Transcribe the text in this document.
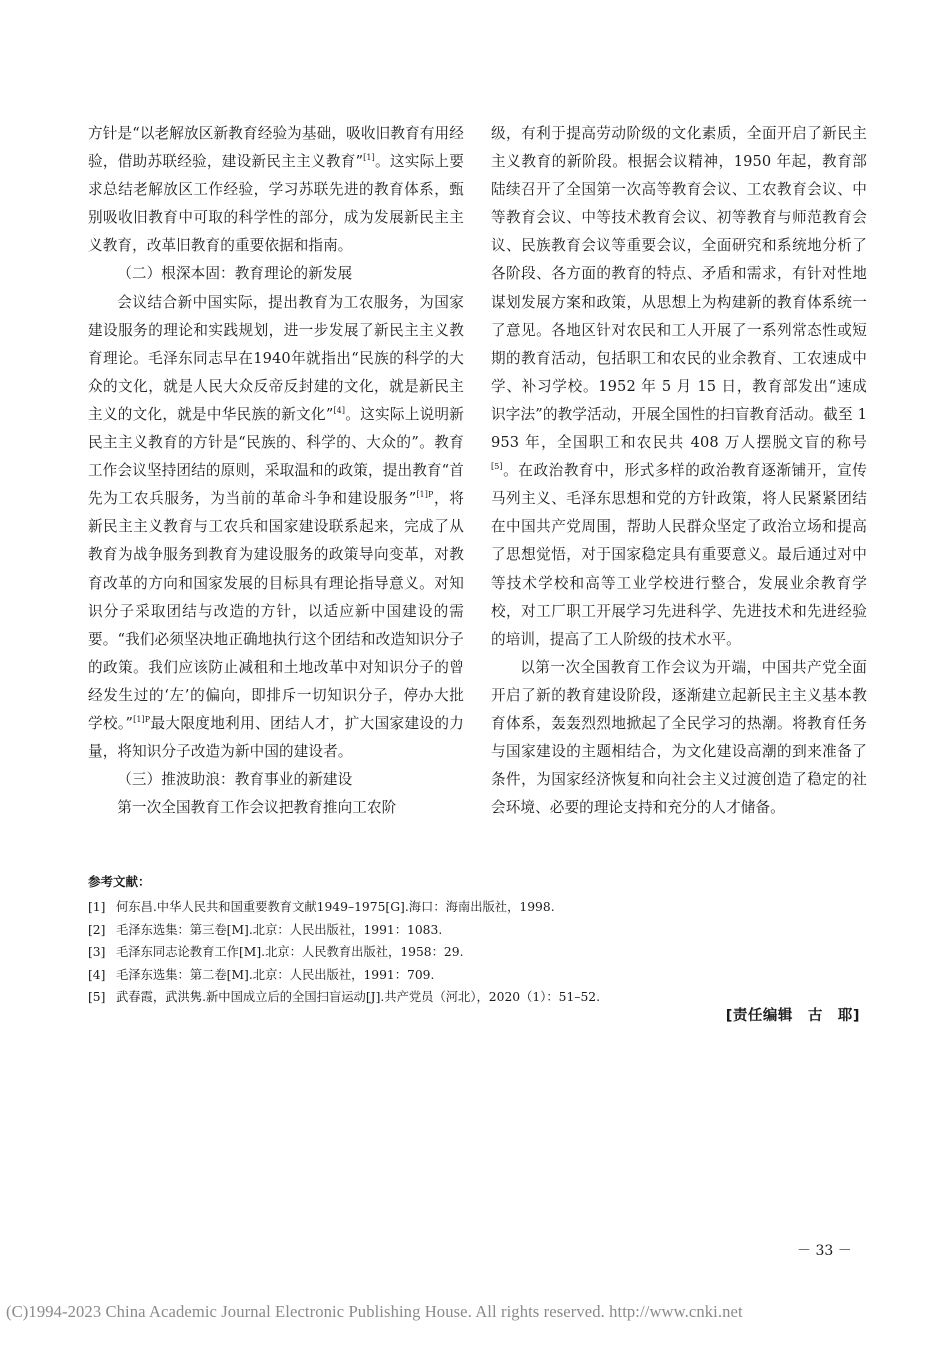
方针是“以老解放区新教育经验为基础，吸收旧教育有用经验，借助苏联经验，建设新民主主义教育”[1]。这实际上要求总结老解放区工作经验，学习苏联先进的教育体系，甄别吸收旧教育中可取的科学性的部分，成为发展新民主主义教育，改革旧教育的重要依据和指南。

（二）根深本固：教育理论的新发展

会议结合新中国实际，提出教育为工农服务，为国家建设服务的理论和实践规划，进一步发展了新民主主义教育理论。毛泽东同志早在1940年就指出“民族的科学的大众的文化，就是人民大众反帝反封建的文化，就是新民主主义的文化，就是中华民族的新文化”[4]。这实际上说明新民主主义教育的方针是“民族的、科学的、大众的”。教育工作会议坚持团结的原则，采取温和的政策，提出教育“首先为工农兵服务，为当前的革命斗争和建设服务”$^{[1]P}$，将新民主主义教育与工农兵和国家建设联系起来，完成了从教育为战争服务到教育为建设服务的政策导向变革，对教育改革的方向和国家发展的目标具有理论指导意义。对知识分子采取团结与改造的方针，以适应新中国建设的需要。“我们必须坚决地正确地执行这个团结和改造知识分子的政策。我们应该防止减租和土地改革中对知识分子的曾经发生过的‘左’的偏向，即排斥一切知识分子，停办大批学校。”$^{[1]P}$最大限度地利用、团结人才，扩大国家建设的力量，将知识分子改造为新中国的建设者。

（三）推波助浪：教育事业的新建设

第一次全国教育工作会议把教育推向工农阶

级，有利于提高劳动阶级的文化素质，全面开启了新民主主义教育的新阶段。根据会议精神，1950 年起，教育部陆续召开了全国第一次高等教育会议、工农教育会议、中等教育会议、中等技术教育会议、初等教育与师范教育会议、民族教育会议等重要会议，全面研究和系统地分析了各阶段、各方面的教育的特点、矛盾和需求，有针对性地谋划发展方案和政策，从思想上为构建新的教育体系统一了意见。各地区针对农民和工人开展了一系列常态性或短期的教育活动，包括职工和农民的业余教育、工农速成中学、补习学校。1952 年 5 月 15 日，教育部发出“速成识字法”的教学活动，开展全国性的扫盲教育活动。截至 1953 年，全国职工和农民共 408 万人摆脱文盲的称号[5]。在政治教育中，形式多样的政治教育逐渐铺开，宣传马列主义、毛泽东思想和党的方针政策，将人民紧紧团结在中国共产党周围，帮助人民群众坚定了政治立场和提高了思想觉悟，对于国家稳定具有重要意义。最后通过对中等技术学校和高等工业学校进行整合，发展业余教育学校，对工厂职工开展学习先进科学、先进技术和先进经验的培训，提高了工人阶级的技术水平。

以第一次全国教育工作会议为开端，中国共产党全面开启了新的教育建设阶段，逐渐建立起新民主主义基本教育体系，轰轰烈烈地掀起了全民学习的热潮。将教育任务与国家建设的主题相结合，为文化建设高潮的到来准备了条件，为国家经济恢复和向社会主义过渡创造了稳定的社会环境、必要的理论支持和充分的人才储备。

参考文献：
[1] 何东昌.中华人民共和国重要教育文献1949–1975[G].海口：海南出版社，1998.
[2] 毛泽东选集：第三卷[M].北京：人民出版社，1991：1083.
[3] 毛泽东同志论教育工作[M].北京：人民教育出版社，1958：29.
[4] 毛泽东选集：第二卷[M].北京：人民出版社，1991：709.
[5] 武春霞，武洪隽.新中国成立后的全国扫盲运动[J].共产党员（河北），2020（1）：51–52.
[责任编辑　古　耶]
－ 33 －
(C)1994-2023 China Academic Journal Electronic Publishing House. All rights reserved. http://www.cnki.net
